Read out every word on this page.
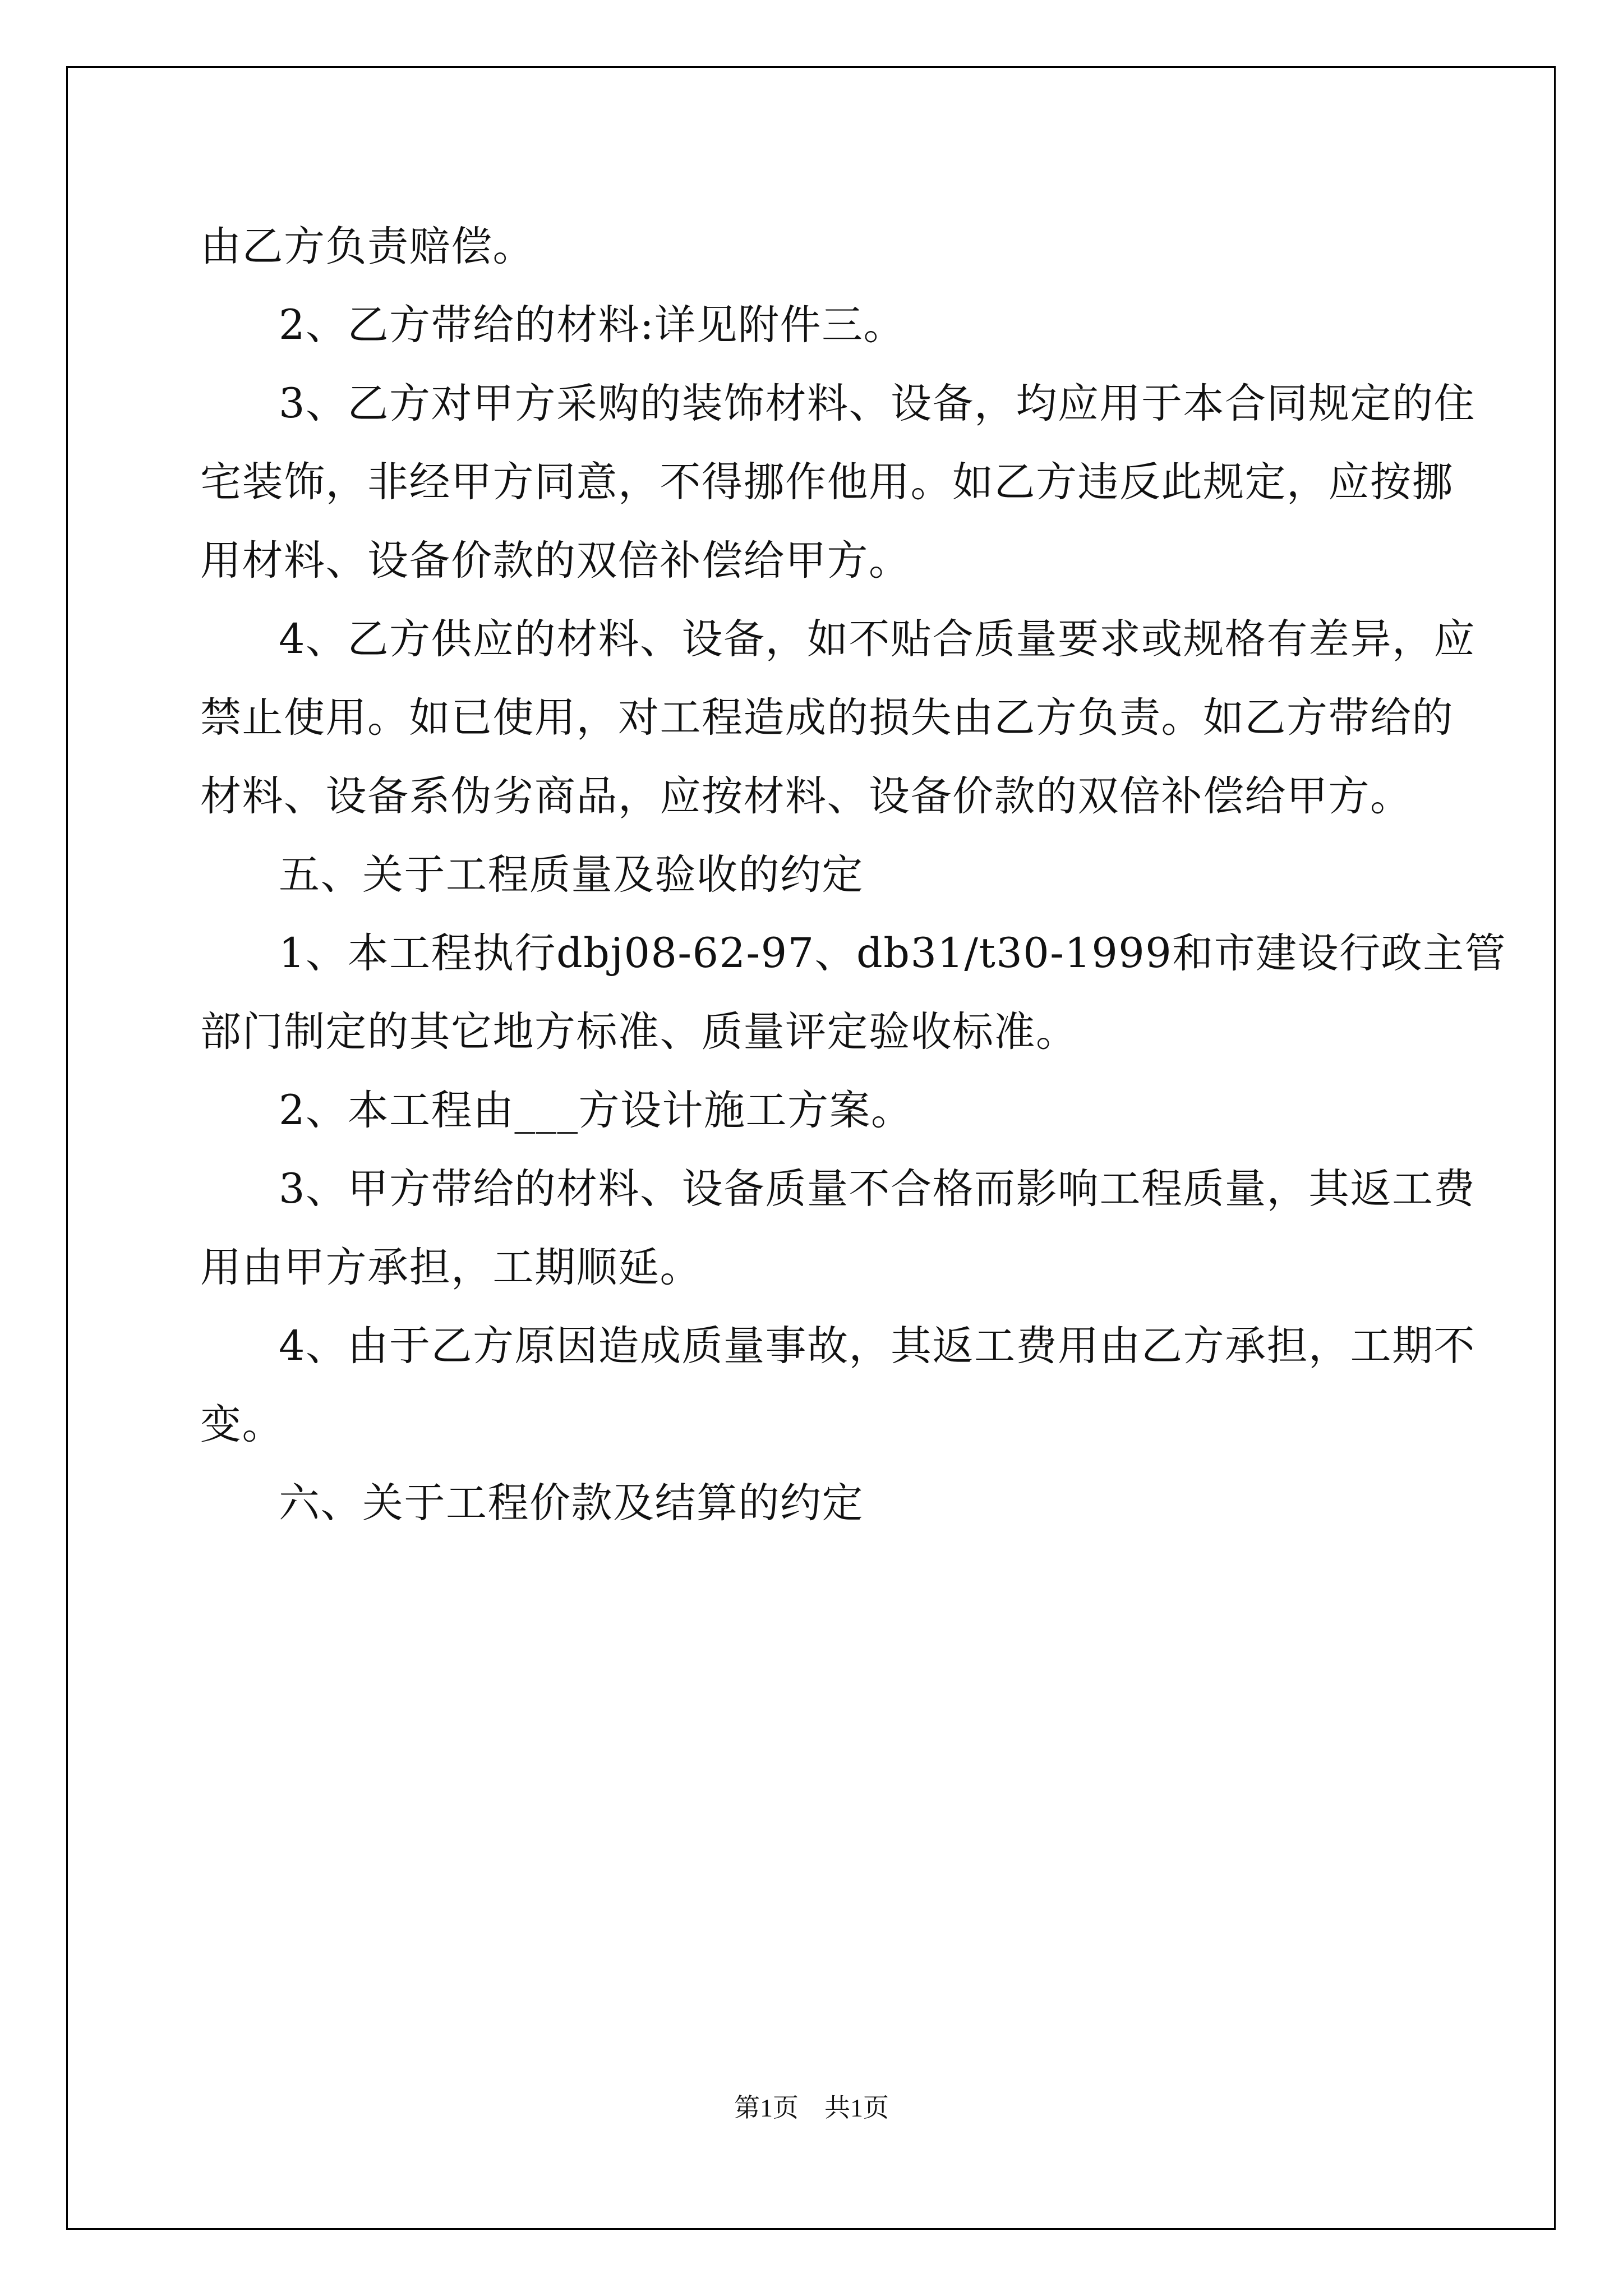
由乙方负责赔偿。

2、乙方带给的材料:详见附件三。

3、乙方对甲方采购的装饰材料、设备，均应用于本合同规定的住

宅装饰，非经甲方同意，不得挪作他用。如乙方违反此规定，应按挪

用材料、设备价款的双倍补偿给甲方。

4、乙方供应的材料、设备，如不贴合质量要求或规格有差异，应

禁止使用。如已使用，对工程造成的损失由乙方负责。如乙方带给的

材料、设备系伪劣商品，应按材料、设备价款的双倍补偿给甲方。

五、关于工程质量及验收的约定

1、本工程执行dbj08-62-97、db31/t30-1999和市建设行政主管

部门制定的其它地方标准、质量评定验收标准。

2、本工程由___方设计施工方案。

3、甲方带给的材料、设备质量不合格而影响工程质量，其返工费

用由甲方承担，工期顺延。

4、由于乙方原因造成质量事故，其返工费用由乙方承担，工期不

变。

六、关于工程价款及结算的约定

第1页 共1页
